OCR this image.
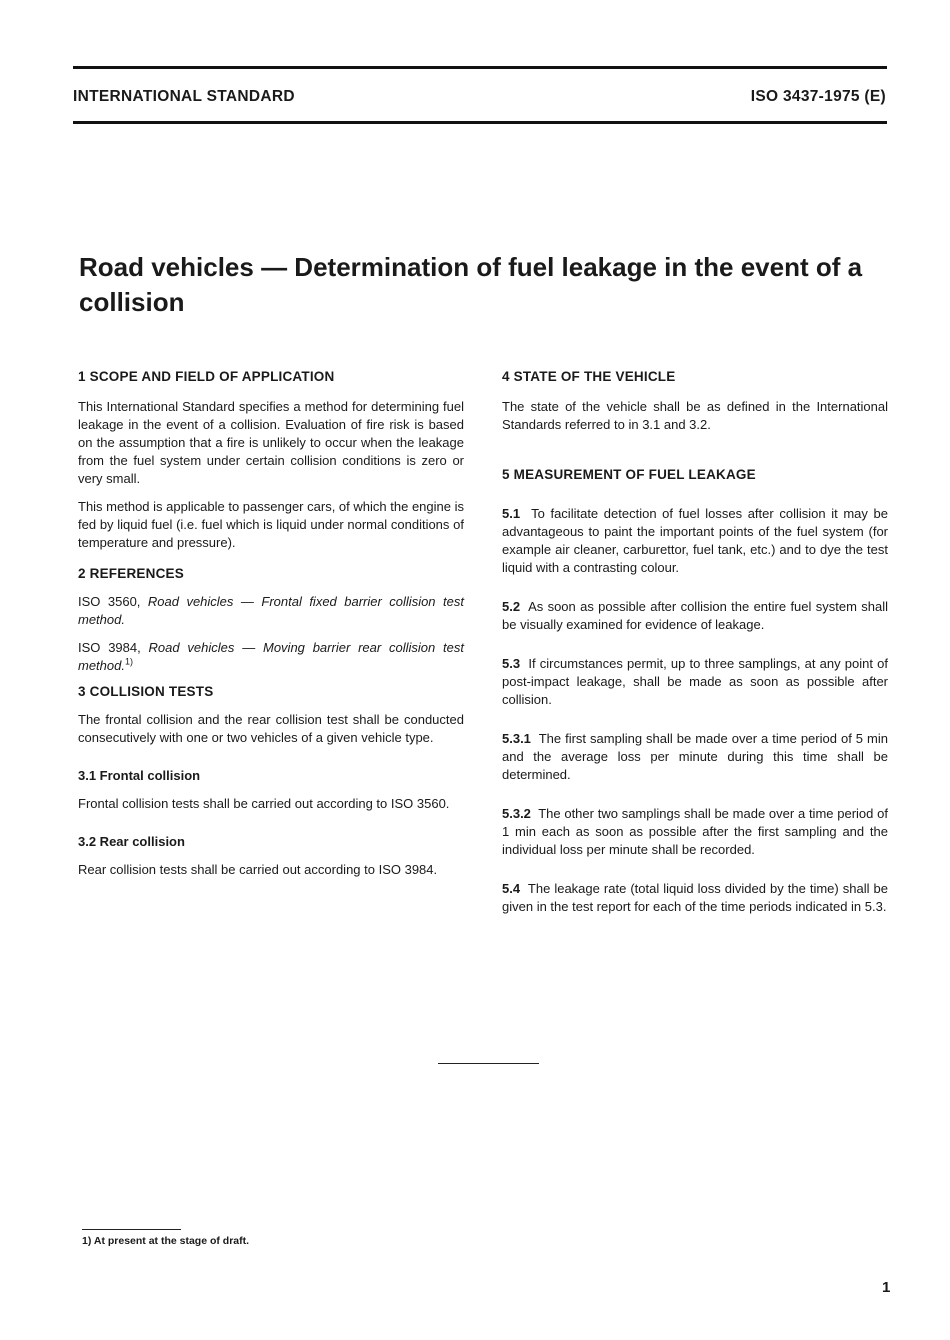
INTERNATIONAL STANDARD	ISO 3437-1975 (E)
Road vehicles — Determination of fuel leakage in the event of a collision
1 SCOPE AND FIELD OF APPLICATION

This International Standard specifies a method for determining fuel leakage in the event of a collision. Evaluation of fire risk is based on the assumption that a fire is unlikely to occur when the leakage from the fuel system under certain collision conditions is zero or very small.

This method is applicable to passenger cars, of which the engine is fed by liquid fuel (i.e. fuel which is liquid under normal conditions of temperature and pressure).

2 REFERENCES

ISO 3560, Road vehicles — Frontal fixed barrier collision test method.

ISO 3984, Road vehicles — Moving barrier rear collision test method.$^{1)}$

3 COLLISION TESTS

The frontal collision and the rear collision test shall be conducted consecutively with one or two vehicles of a given vehicle type.

3.1 Frontal collision

Frontal collision tests shall be carried out according to ISO 3560.

3.2 Rear collision

Rear collision tests shall be carried out according to ISO 3984.

4 STATE OF THE VEHICLE

The state of the vehicle shall be as defined in the International Standards referred to in 3.1 and 3.2.

5 MEASUREMENT OF FUEL LEAKAGE

5.1 To facilitate detection of fuel losses after collision it may be advantageous to paint the important points of the fuel system (for example air cleaner, carburettor, fuel tank, etc.) and to dye the test liquid with a contrasting colour.

5.2 As soon as possible after collision the entire fuel system shall be visually examined for evidence of leakage.

5.3 If circumstances permit, up to three samplings, at any point of post-impact leakage, shall be made as soon as possible after collision.

5.3.1 The first sampling shall be made over a time period of 5 min and the average loss per minute during this time shall be determined.

5.3.2 The other two samplings shall be made over a time period of 1 min each as soon as possible after the first sampling and the individual loss per minute shall be recorded.

5.4 The leakage rate (total liquid loss divided by the time) shall be given in the test report for each of the time periods indicated in 5.3.

1) At present at the stage of draft.
1
